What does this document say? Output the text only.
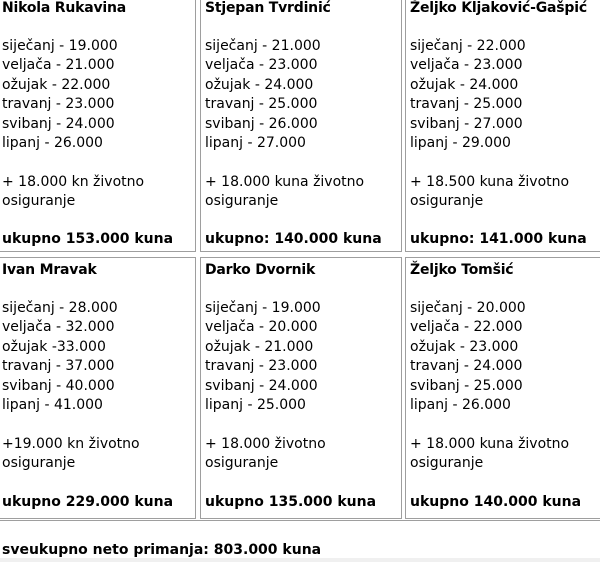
Nikola Rukavina
siječanj - 19.000
veljača - 21.000
ožujak - 22.000
travanj - 23.000
svibanj - 24.000
lipanj - 26.000
+ 18.000 kn životno osiguranje
ukupno 153.000 kuna
Stjepan Tvrdinić
siječanj - 21.000
veljača - 23.000
ožujak - 24.000
travanj - 25.000
svibanj - 26.000
lipanj - 27.000
+ 18.000 kuna životno osiguranje
ukupno: 140.000 kuna
Željko Kljaković-Gašpić
siječanj - 22.000
veljača - 23.000
ožujak - 24.000
travanj - 25.000
svibanj - 27.000
lipanj - 29.000
+ 18.500 kuna životno osiguranje
ukupno: 141.000 kuna
Ivan Mravak
siječanj - 28.000
veljača - 32.000
ožujak -33.000
travanj - 37.000
svibanj - 40.000
lipanj - 41.000
+19.000 kn životno osiguranje
ukupno 229.000 kuna
Darko Dvornik
siječanj - 19.000
veljača - 20.000
ožujak - 21.000
travanj - 23.000
svibanj - 24.000
lipanj - 25.000
+ 18.000 životno osiguranje
ukupno 135.000 kuna
Željko Tomšić
siječanj - 20.000
veljača - 22.000
ožujak - 23.000
travanj - 24.000
svibanj - 25.000
lipanj - 26.000
+ 18.000 kuna životno osiguranje
ukupno 140.000 kuna
sveukupno neto primanja: 803.000 kuna
